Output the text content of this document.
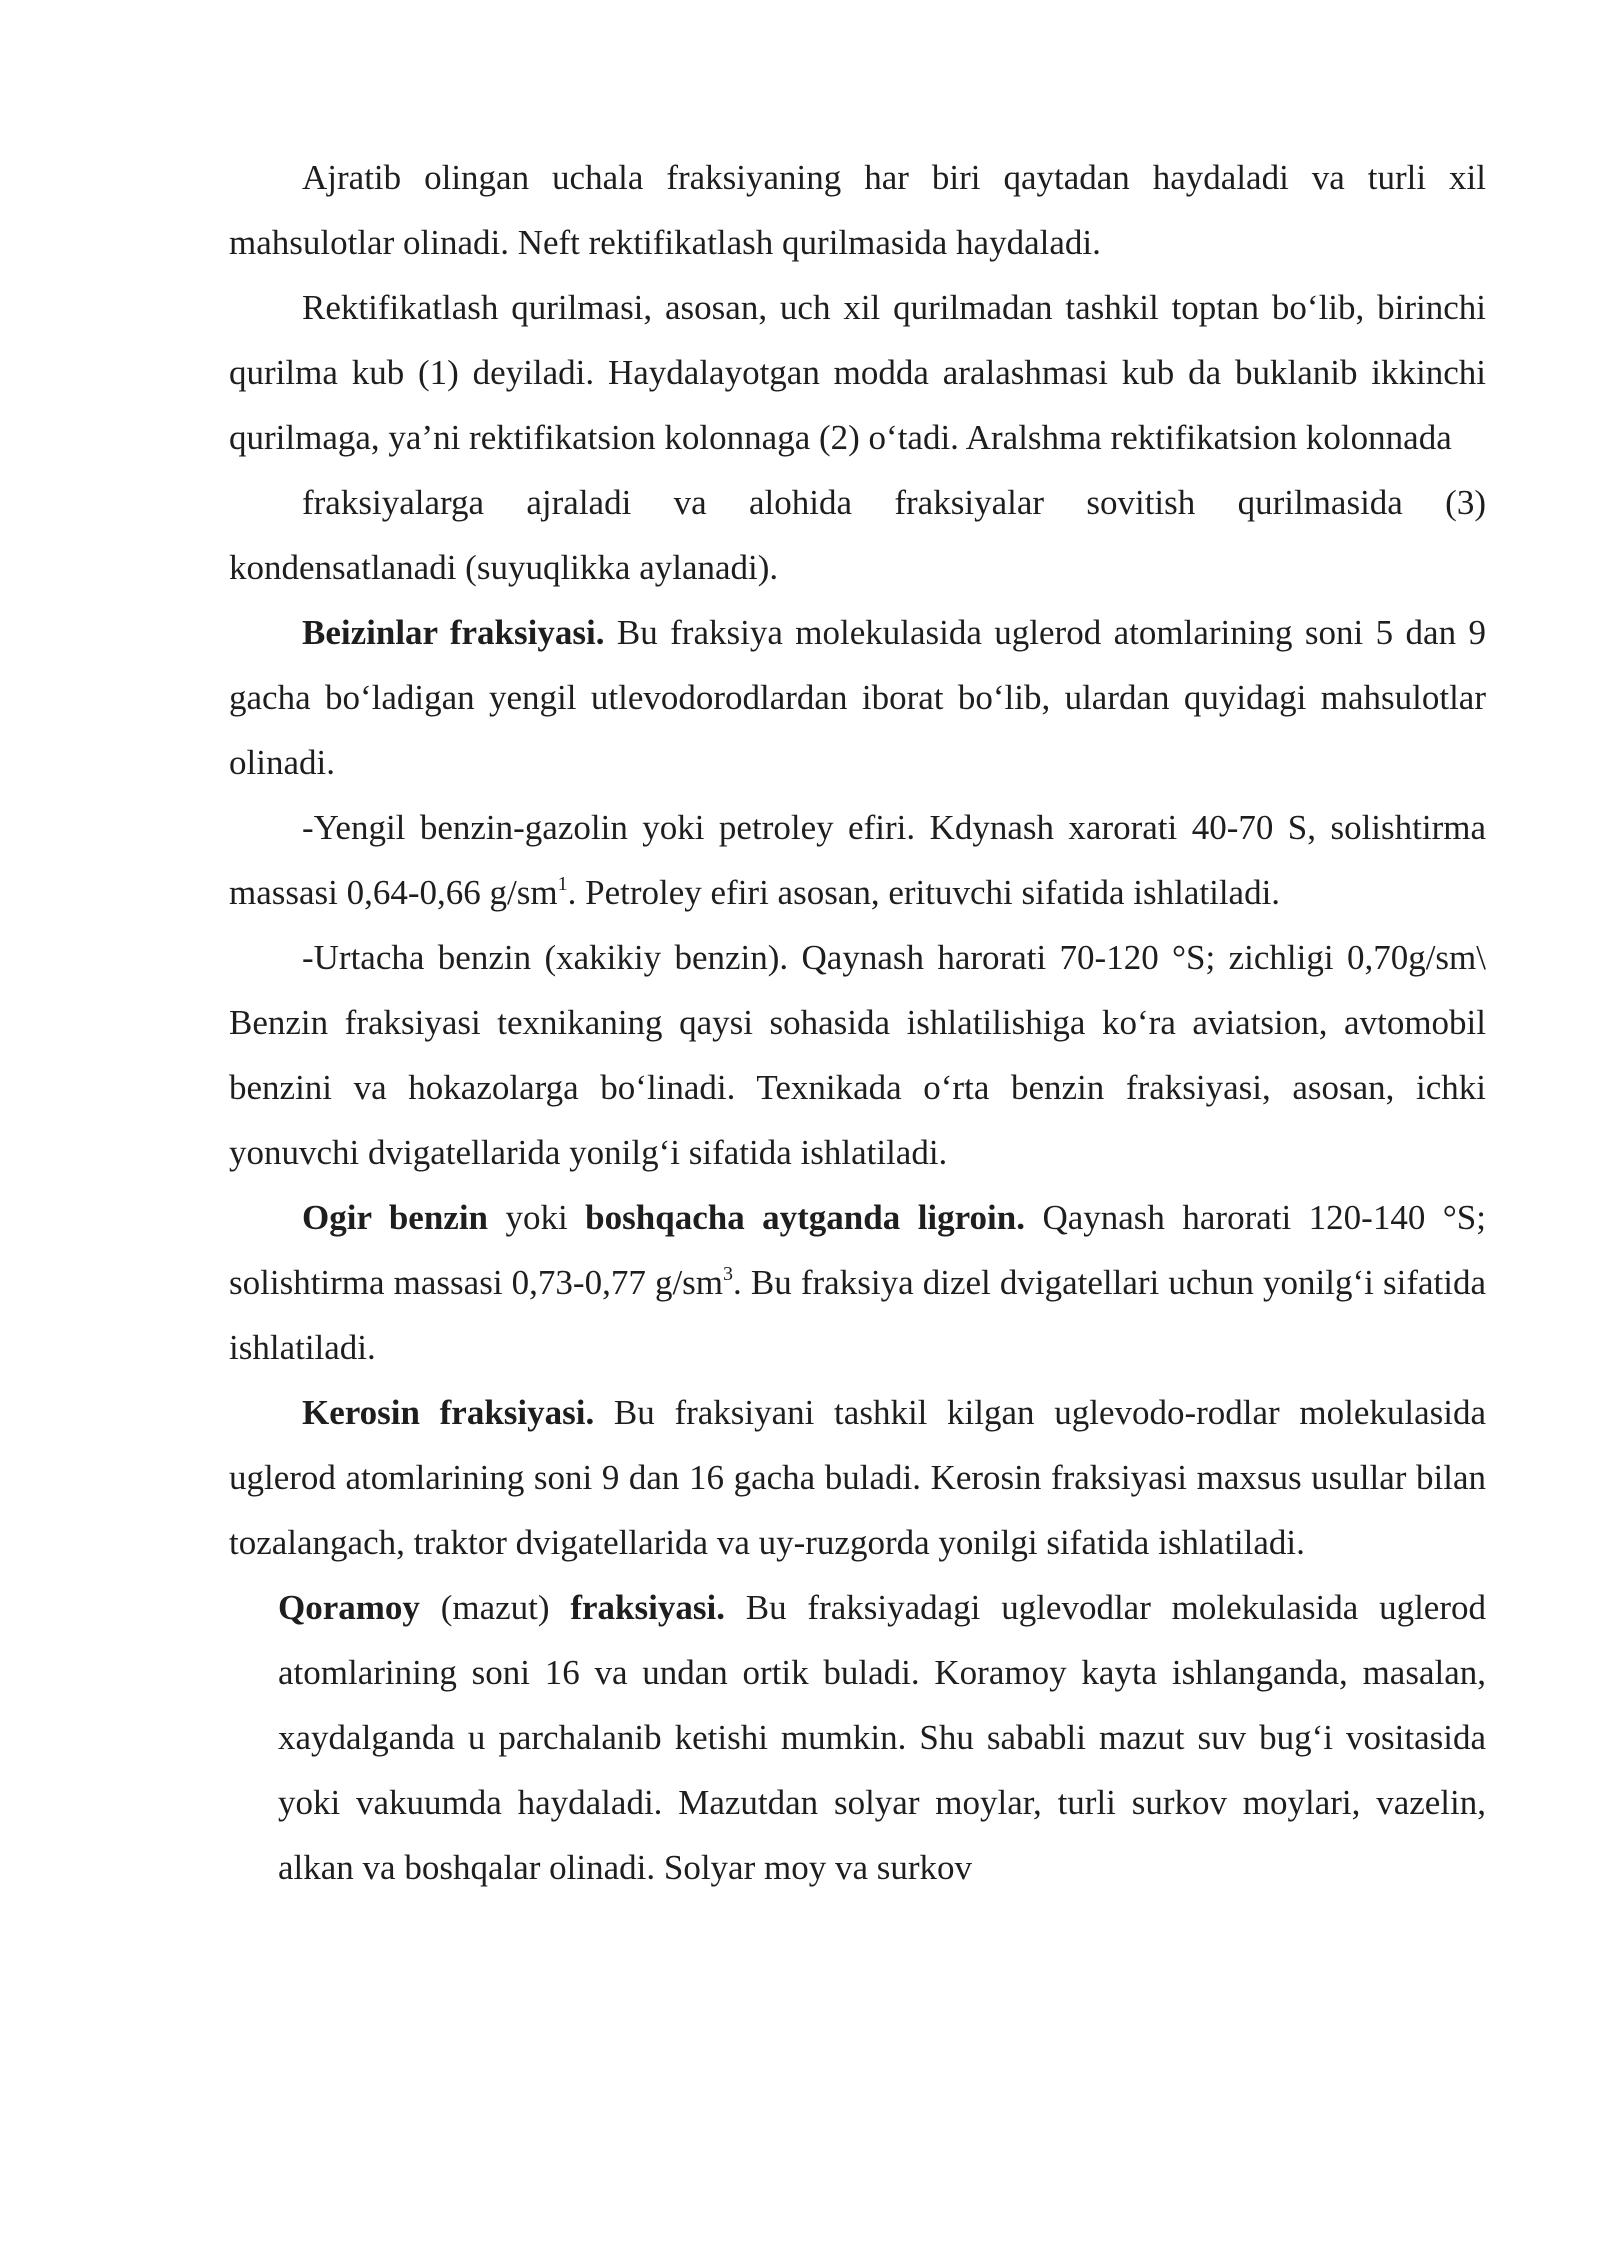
Ajratib olingan uchala fraksiyaning har biri qaytadan haydaladi va turli xil mahsulotlar olinadi. Neft rektifikatlash qurilmasida haydaladi.

Rektifikatlash qurilmasi, asosan, uch xil qurilmadan tashkil toptan bo‘lib, birinchi qurilma kub (1) deyiladi. Haydalayotgan modda aralashmasi kub da buklanib ikkinchi qurilmaga, ya’ni rektifikatsion kolonnaga (2) o‘tadi. Aralshma rektifikatsion kolonnada

fraksiyalarga ajraladi va alohida fraksiyalar sovitish qurilmasida (3) kondensatlanadi (suyuqlikka aylanadi).

Beizinlar fraksiyasi. Bu fraksiya molekulasida uglerod atomlarining soni 5 dan 9 gacha bo‘ladigan yengil utlevodorodlardan iborat bo‘lib, ulardan quyidagi mahsulotlar olinadi.

-Yengil benzin-gazolin yoki petroley efiri. Kdynash xarorati 40-70 S, solishtirma massasi 0,64-0,66 $g/sm^1$. Petroley efiri asosan, erituvchi sifatida ishlatiladi.

-Urtacha benzin (xakikiy benzin). Qaynash harorati 70-120 °S; zichligi 0,70g/sm\ Benzin fraksiyasi texnikaning qaysi sohasida ishlatilishiga ko‘ra aviatsion, avtomobil benzini va hokazolarga bo‘linadi. Texnikada o‘rta benzin fraksiyasi, asosan, ichki yonuvchi dvigatellarida yonilg‘i sifatida ishlatiladi.

Ogir benzin yoki boshqacha aytganda ligroin. Qaynash harorati 120-140 °S; solishtirma massasi 0,73-0,77 $g/sm^3$. Bu fraksiya dizel dvigatellari uchun yonilg‘i sifatida ishlatiladi.

Kerosin fraksiyasi. Bu fraksiyani tashkil kilgan uglevodo-rodlar molekulasida uglerod atomlarining soni 9 dan 16 gacha buladi. Kerosin fraksiyasi maxsus usullar bilan tozalangach, traktor dvigatellarida va uy-ruzgorda yonilgi sifatida ishlatiladi.

Qoramoy (mazut) fraksiyasi. Bu fraksiyadagi uglevodlar molekulasida uglerod atomlarining soni 16 va undan ortik buladi. Koramoy kayta ishlanganda, masalan, xaydalganda u parchalanib ketishi mumkin. Shu sababli mazut suv bug‘i vositasida yoki vakuumda haydaladi. Mazutdan solyar moylar, turli surkov moylari, vazelin, alkan va boshqalar olinadi. Solyar moy va surkov
